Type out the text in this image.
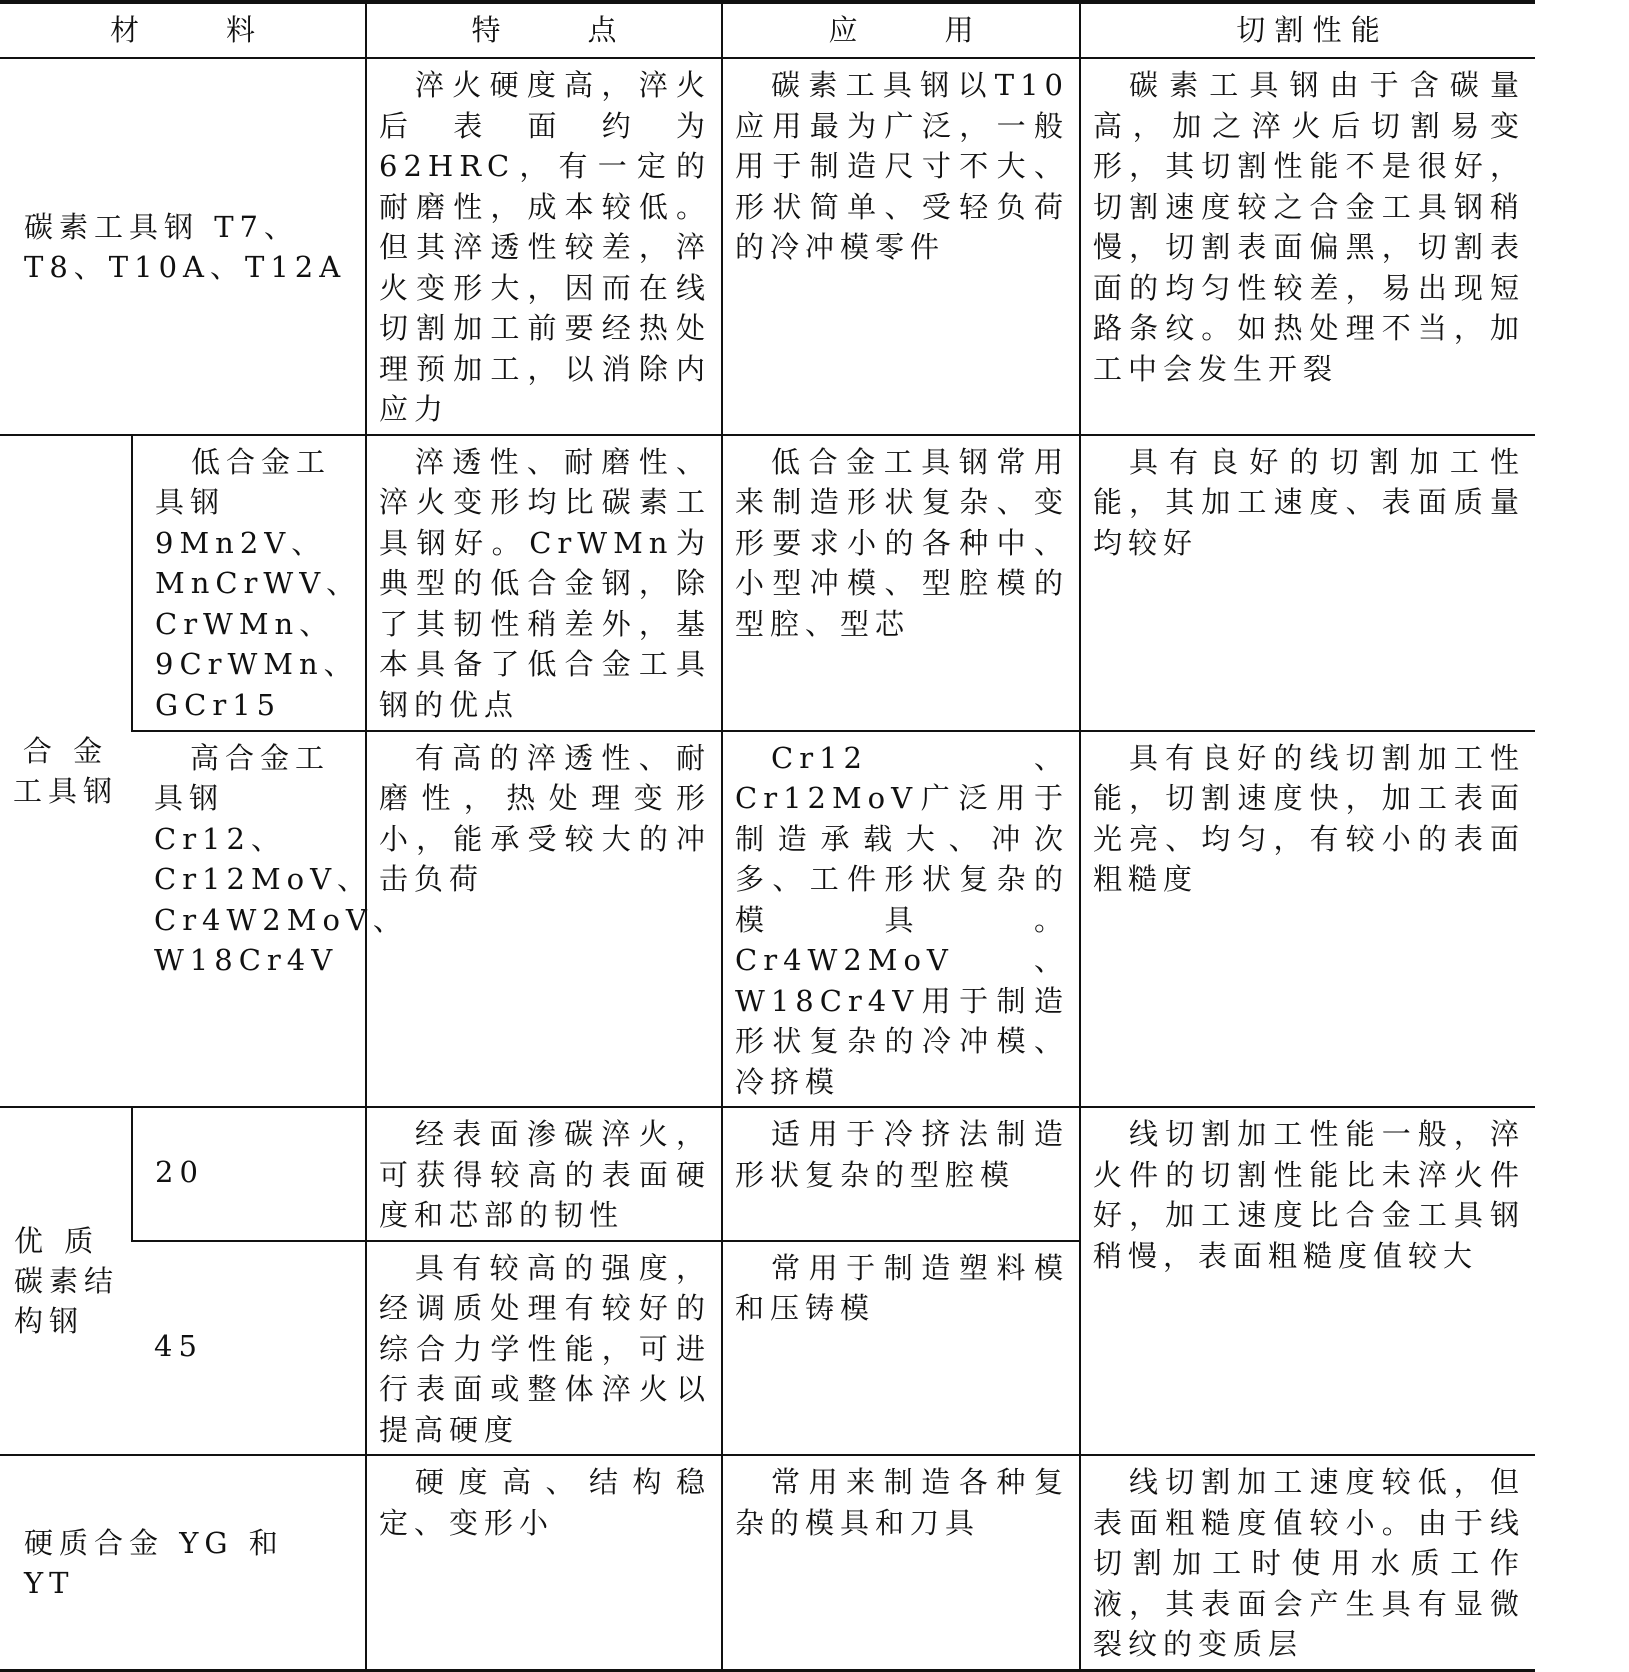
材　　　料		特　　　点	应　　　用	切 割 性 能
碳素工具钢 T7、T8、T10A、T12A		淬火硬度高，淬火后表面约为62HRC，有一定的耐磨性，成本较低。但其淬透性较差，淬火变形大，因而在线切割加工前要经热处理预加工，以消除内应力	碳素工具钢以T10应用最为广泛，一般用于制造尺寸不大、形状简单、受轻负荷的冷冲模零件	碳素工具钢由于含碳量高，加之淬火后切割易变形，其切割性能不是很好，切割速度较之合金工具钢稍慢，切割表面偏黑，切割表面的均匀性较差，易出现短路条纹。如热处理不当，加工中会发生开裂
合 金
工具钢	低合金工具钢 9Mn2V、MnCrWV、CrWMn、9CrWMn、GCr15	淬透性、耐磨性、淬火变形均比碳素工具钢好。CrWMn为典型的低合金钢，除了其韧性稍差外，基本具备了低合金工具钢的优点	低合金工具钢常用来制造形状复杂、变形要求小的各种中、小型冲模、型腔模的型腔、型芯	具有良好的切割加工性能，其加工速度、表面质量均较好
	高合金工具钢 Cr12、Cr12MoV、Cr4W2MoV、W18Cr4V	有高的淬透性、耐磨性，热处理变形小，能承受较大的冲击负荷	Cr12、Cr12MoV广泛用于制造承载大、冲次多、工件形状复杂的模具。Cr4W2MoV、W18Cr4V用于制造形状复杂的冷冲模、冷挤模	具有良好的线切割加工性能，切割速度快，加工表面光亮、均匀，有较小的表面粗糙度
优 质
碳素结
构钢	20	经表面渗碳淬火，可获得较高的表面硬度和芯部的韧性	适用于冷挤法制造形状复杂的型腔模	线切割加工性能一般，淬火件的切割性能比未淬火件好，加工速度比合金工具钢稍慢，表面粗糙度值较大
	45	具有较高的强度，经调质处理有较好的综合力学性能，可进行表面或整体淬火以提高硬度	常用于制造塑料模和压铸模	
硬质合金 YG 和 YT		硬度高、结构稳定、变形小	常用来制造各种复杂的模具和刀具	线切割加工速度较低，但表面粗糙度值较小。由于线切割加工时使用水质工作液，其表面会产生具有显微裂纹的变质层
